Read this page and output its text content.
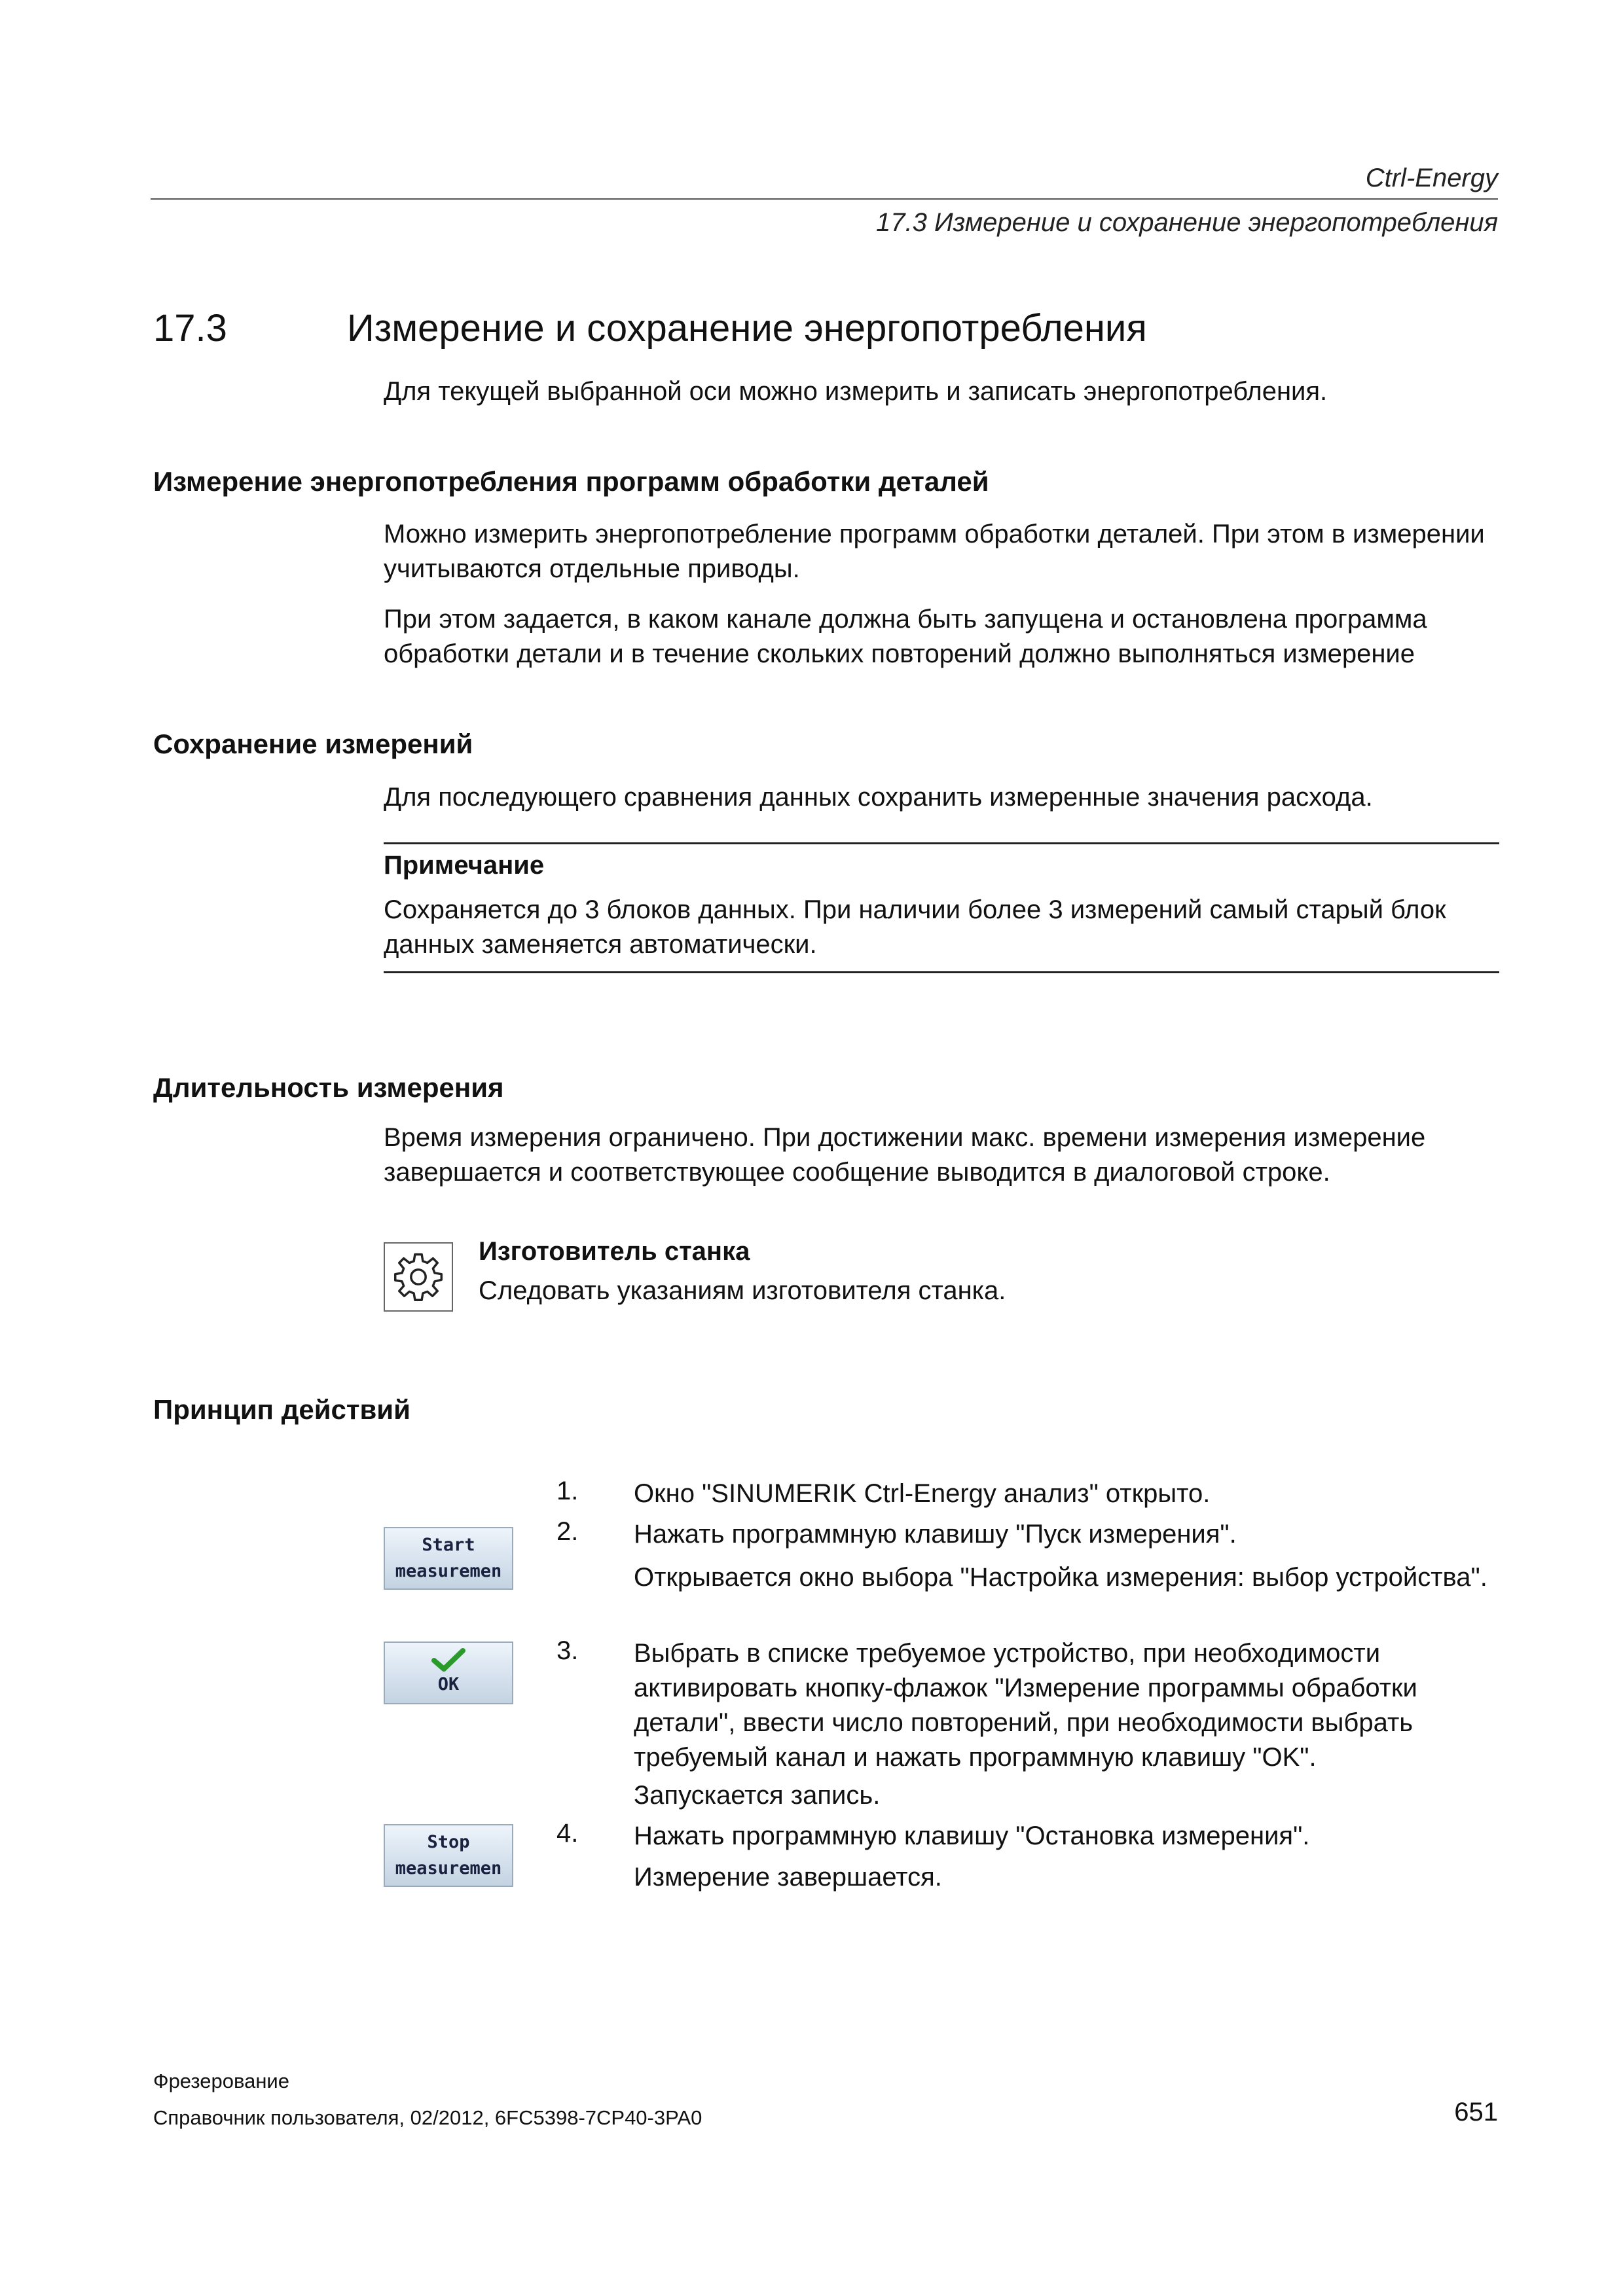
Ctrl-Energy
17.3 Измерение и сохранение энергопотребления
17.3	Измерение и сохранение энергопотребления
Для текущей выбранной оси можно измерить и записать энергопотребления.
Измерение энергопотребления программ обработки деталей

Можно измерить энергопотребление программ обработки деталей. При этом в измерении учитываются отдельные приводы.

При этом задается, в каком канале должна быть запущена и остановлена программа обработки детали и в течение скольких повторений должно выполняться измерение

Сохранение измерений
Для последующего сравнения данных сохранить измеренные значения расхода.
Примечание
Сохраняется до 3 блоков данных. При наличии более 3 измерений самый старый блок данных заменяется автоматически.
Длительность измерения
Время измерения ограничено. При достижении макс. времени измерения измерение завершается и соответствующее сообщение выводится в диалоговой строке.
Изготовитель станка
Следовать указаниям изготовителя станка.
Принцип действий
Start
measuremen
OK
Stop
measuremen
1. Окно "SINUMERIK Ctrl-Energy анализ" открыто.
2. Нажать программную клавишу "Пуск измерения".
Открывается окно выбора "Настройка измерения: выбор устройства".
3. Выбрать в списке требуемое устройство, при необходимости активировать кнопку-флажок "Измерение программы обработки детали", ввести число повторений, при необходимости выбрать требуемый канал и нажать программную клавишу "OK".
Запускается запись.
4. Нажать программную клавишу "Остановка измерения".
Измерение завершается.
Фрезерование
Справочник пользователя, 02/2012, 6FC5398-7CP40-3PA0	651
